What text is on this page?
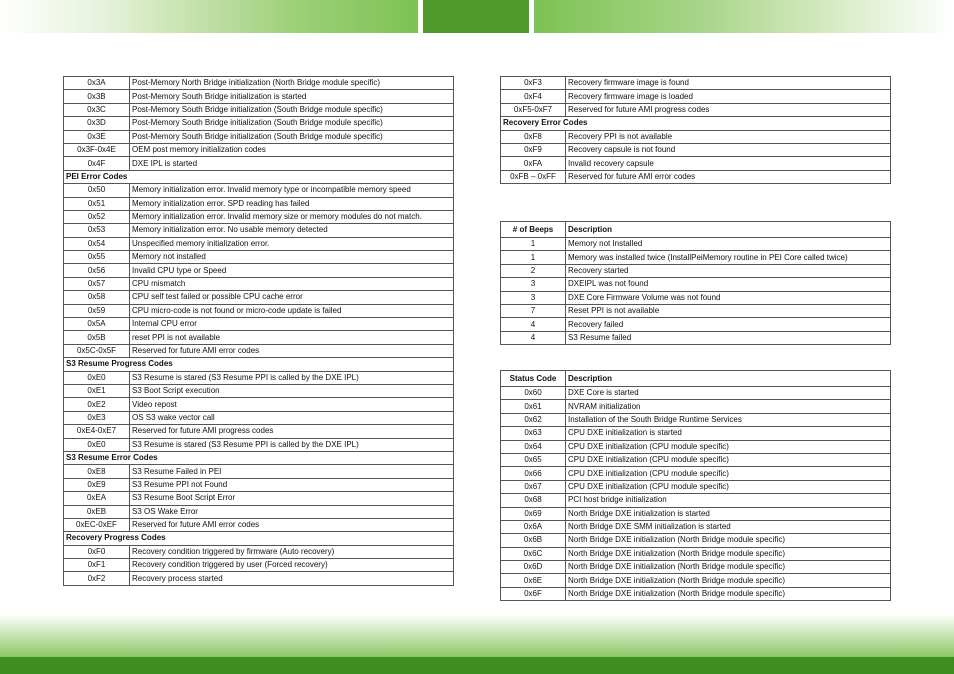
0x3A	Post-Memory North Bridge initialization (North Bridge module specific)
0x3B	Post-Memory South Bridge initialization is started
0x3C	Post-Memory South Bridge initialization (South Bridge module specific)
0x3D	Post-Memory South Bridge initialization (South Bridge module specific)
0x3E	Post-Memory South Bridge initialization (South Bridge module specific)
0x3F-0x4E	OEM post memory initialization codes
0x4F	DXE IPL is started
PEI Error Codes	
0x50	Memory initialization error. Invalid memory type or incompatible memory speed
0x51	Memory initialization error. SPD reading has failed
0x52	Memory initialization error. Invalid memory size or memory modules do not match.
0x53	Memory initialization error. No usable memory detected
0x54	Unspecified memory initialization error.
0x55	Memory not installed
0x56	Invalid CPU type or Speed
0x57	CPU mismatch
0x58	CPU self test failed or possible CPU cache error
0x59	CPU micro-code is not found or micro-code update is failed
0x5A	Internal CPU error
0x5B	reset PPI is not available
0x5C-0x5F	Reserved for future AMI error codes
S3 Resume Progress Codes	
0xE0	S3 Resume is stared (S3 Resume PPI is called by the DXE IPL)
0xE1	S3 Boot Script execution
0xE2	Video repost
0xE3	OS S3 wake vector call
0xE4-0xE7	Reserved for future AMI progress codes
0xE0	S3 Resume is stared (S3 Resume PPI is called by the DXE IPL)
S3 Resume Error Codes	
0xE8	S3 Resume Failed in PEI
0xE9	S3 Resume PPI not Found
0xEA	S3 Resume Boot Script Error
0xEB	S3 OS Wake Error
0xEC-0xEF	Reserved for future AMI error codes
Recovery Progress Codes	
0xF0	Recovery condition triggered by firmware (Auto recovery)
0xF1	Recovery condition triggered by user (Forced recovery)
0xF2	Recovery process started
0xF3	Recovery firmware image is found
0xF4	Recovery firmware image is loaded
0xF5-0xF7	Reserved for future AMI progress codes
Recovery Error Codes	
0xF8	Recovery PPI is not available
0xF9	Recovery capsule is not found
0xFA	Invalid recovery capsule
0xFB – 0xFF	Reserved for future AMI error codes
# of Beeps	Description
1	Memory not Installed
1	Memory was installed twice (InstallPeiMemory routine in PEI Core called twice)
2	Recovery started
3	DXEIPL was not found
3	DXE Core Firmware Volume was not found
7	Reset PPI is not available
4	Recovery failed
4	S3 Resume failed
Status Code	Description
0x60	DXE Core is started
0x61	NVRAM initialization
0x62	Installation of the South Bridge Runtime Services
0x63	CPU DXE initialization is started
0x64	CPU DXE initialization (CPU module specific)
0x65	CPU DXE initialization (CPU module specific)
0x66	CPU DXE initialization (CPU module specific)
0x67	CPU DXE initialization (CPU module specific)
0x68	PCI host bridge initialization
0x69	North Bridge DXE initialization is started
0x6A	North Bridge DXE SMM initialization is started
0x6B	North Bridge DXE initialization (North Bridge module specific)
0x6C	North Bridge DXE initialization (North Bridge module specific)
0x6D	North Bridge DXE initialization (North Bridge module specific)
0x6E	North Bridge DXE initialization (North Bridge module specific)
0x6F	North Bridge DXE initialization (North Bridge module specific)
